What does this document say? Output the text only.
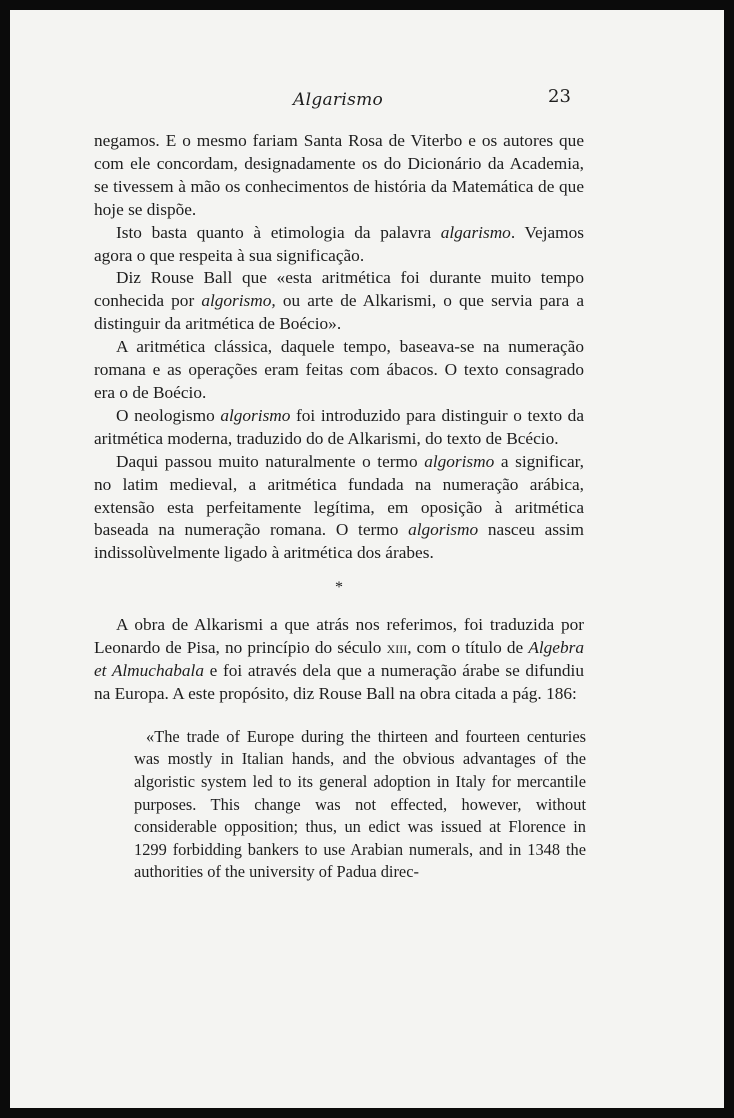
Algarismo	23

negamos. E o mesmo fariam Santa Rosa de Viterbo e os autores que com ele concordam, designadamente os do Dicionário da Academia, se tivessem à mão os conhecimentos de história da Matemática de que hoje se dispõe.

Isto basta quanto à etimologia da palavra algarismo. Vejamos agora o que respeita à sua significação.

Diz Rouse Ball que «esta aritmética foi durante muito tempo conhecida por algorismo, ou arte de Alkarismi, o que servia para a distinguir da aritmética de Boécio».

A aritmética clássica, daquele tempo, baseava-se na numeração romana e as operações eram feitas com ábacos. O texto consagrado era o de Boécio.

O neologismo algorismo foi introduzido para distinguir o texto da aritmética moderna, traduzido do de Alkarismi, do texto de Bcécio.

Daqui passou muito naturalmente o termo algorismo a significar, no latim medieval, a aritmética fundada na numeração arábica, extensão esta perfeitamente legítima, em oposição à aritmética baseada na numeração romana. O termo algorismo nasceu assim indissolùvelmente ligado à aritmética dos árabes.

*

A obra de Alkarismi a que atrás nos referimos, foi traduzida por Leonardo de Pisa, no princípio do século xiii, com o título de Algebra et Almuchabala e foi através dela que a numeração árabe se difundiu na Europa. A este propósito, diz Rouse Ball na obra citada a pág. 186:

«The trade of Europe during the thirteen and fourteen centuries was mostly in Italian hands, and the obvious advantages of the algoristic system led to its general adoption in Italy for mercantile purposes. This change was not effected, however, without considerable opposition; thus, un edict was issued at Florence in 1299 forbidding bankers to use Arabian numerals, and in 1348 the authorities of the university of Padua direc-
